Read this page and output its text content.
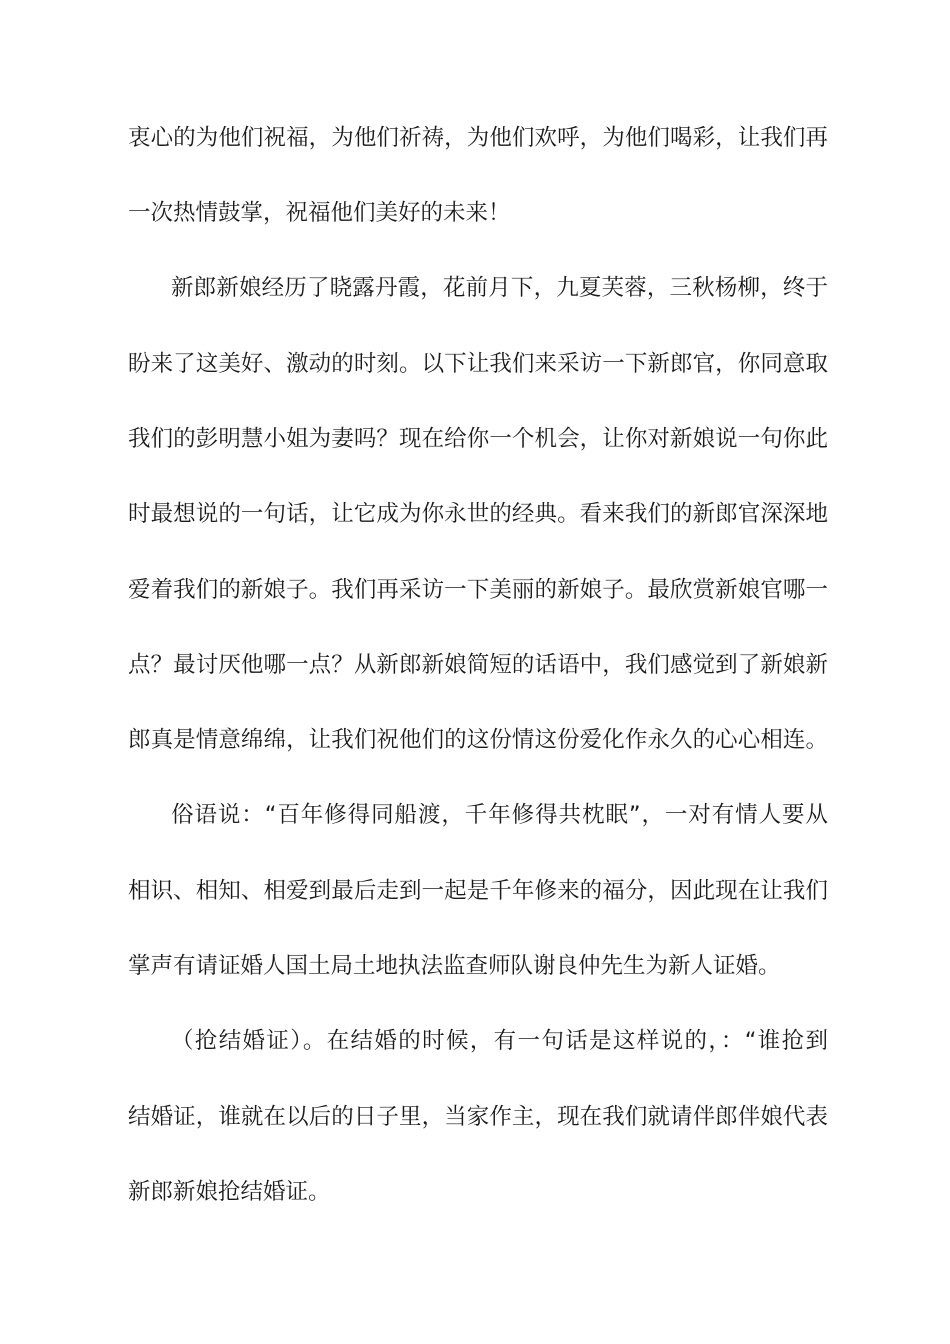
衷心的为他们祝福，为他们祈祷，为他们欢呼，为他们喝彩，让我们再
一次热情鼓掌，祝福他们美好的未来！
新郎新娘经历了晓露丹霞，花前月下，九夏芙蓉，三秋杨柳，终于
盼来了这美好、激动的时刻。以下让我们来采访一下新郎官，你同意取
我们的彭明慧小姐为妻吗？现在给你一个机会，让你对新娘说一句你此
时最想说的一句话，让它成为你永世的经典。看来我们的新郎官深深地
爱着我们的新娘子。我们再采访一下美丽的新娘子。最欣赏新娘官哪一
点？最讨厌他哪一点？从新郎新娘简短的话语中，我们感觉到了新娘新
郎真是情意绵绵，让我们祝他们的这份情这份爱化作永久的心心相连。
俗语说：“百年修得同船渡，千年修得共枕眠”，一对有情人要从
相识、相知、相爱到最后走到一起是千年修来的福分，因此现在让我们
掌声有请证婚人国土局土地执法监查师队谢良仲先生为新人证婚。
（抢结婚证）。在结婚的时候，有一句话是这样说的，：“谁抢到
结婚证，谁就在以后的日子里，当家作主，现在我们就请伴郎伴娘代表
新郎新娘抢结婚证。
